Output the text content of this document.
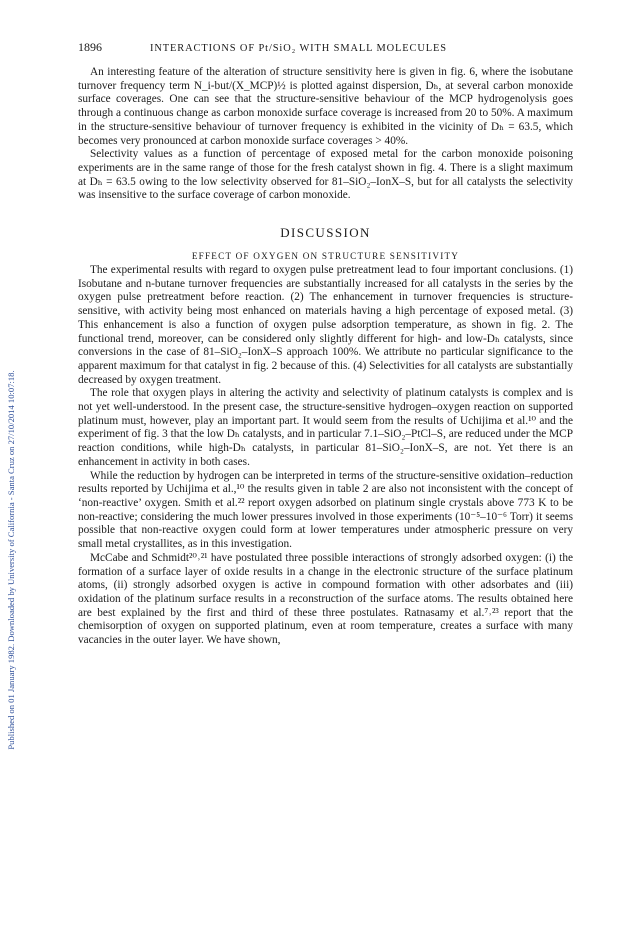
Published on 01 January 1982. Downloaded by University of California - Santa Cruz on 27/10/2014 10:07:18.
1896	INTERACTIONS OF Pt/SiO₂ WITH SMALL MOLECULES

An interesting feature of the alteration of structure sensitivity here is given in fig. 6, where the isobutane turnover frequency term N_i-but/(X_MCP)½ is plotted against dispersion, Dₕ, at several carbon monoxide surface coverages. One can see that the structure-sensitive behaviour of the MCP hydrogenolysis goes through a continuous change as carbon monoxide surface coverage is increased from 20 to 50%. A maximum in the structure-sensitive behaviour of turnover frequency is exhibited in the vicinity of Dₕ = 63.5, which becomes very pronounced at carbon monoxide surface coverages > 40%.

Selectivity values as a function of percentage of exposed metal for the carbon monoxide poisoning experiments are in the same range of those for the fresh catalyst shown in fig. 4. There is a slight maximum at Dₕ = 63.5 owing to the low selectivity observed for 81–SiO₂–IonX–S, but for all catalysts the selectivity was insensitive to the surface coverage of carbon monoxide.

DISCUSSION
EFFECT OF OXYGEN ON STRUCTURE SENSITIVITY

The experimental results with regard to oxygen pulse pretreatment lead to four important conclusions. (1) Isobutane and n-butane turnover frequencies are substantially increased for all catalysts in the series by the oxygen pulse pretreatment before reaction. (2) The enhancement in turnover frequencies is structure-sensitive, with activity being most enhanced on materials having a high percentage of exposed metal. (3) This enhancement is also a function of oxygen pulse adsorption temperature, as shown in fig. 2. The functional trend, moreover, can be considered only slightly different for high- and low-Dₕ catalysts, since conversions in the case of 81–SiO₂–IonX–S approach 100%. We attribute no particular significance to the apparent maximum for that catalyst in fig. 2 because of this. (4) Selectivities for all catalysts are substantially decreased by oxygen treatment.

The role that oxygen plays in altering the activity and selectivity of platinum catalysts is complex and is not yet well-understood. In the present case, the structure-sensitive hydrogen–oxygen reaction on supported platinum must, however, play an important part. It would seem from the results of Uchijima et al.¹⁰ and the experiment of fig. 3 that the low Dₕ catalysts, and in particular 7.1–SiO₂–PtCl–S, are reduced under the MCP reaction conditions, while high-Dₕ catalysts, in particular 81–SiO₂–IonX–S, are not. Yet there is an enhancement in activity in both cases.

While the reduction by hydrogen can be interpreted in terms of the structure-sensitive oxidation–reduction results reported by Uchijima et al.,¹⁰ the results given in table 2 are also not inconsistent with the concept of ‘non-reactive’ oxygen. Smith et al.²² report oxygen adsorbed on platinum single crystals above 773 K to be non-reactive; considering the much lower pressures involved in those experiments (10⁻⁵–10⁻⁶ Torr) it seems possible that non-reactive oxygen could form at lower temperatures under atmospheric pressure on very small metal crystallites, as in this investigation.

McCabe and Schmidt²⁰˒²¹ have postulated three possible interactions of strongly adsorbed oxygen: (i) the formation of a surface layer of oxide results in a change in the electronic structure of the surface platinum atoms, (ii) strongly adsorbed oxygen is active in compound formation with other adsorbates and (iii) oxidation of the platinum surface results in a reconstruction of the surface atoms. The results obtained here are best explained by the first and third of these three postulates. Ratnasamy et al.⁷˒²³ report that the chemisorption of oxygen on supported platinum, even at room temperature, creates a surface with many vacancies in the outer layer. We have shown,
